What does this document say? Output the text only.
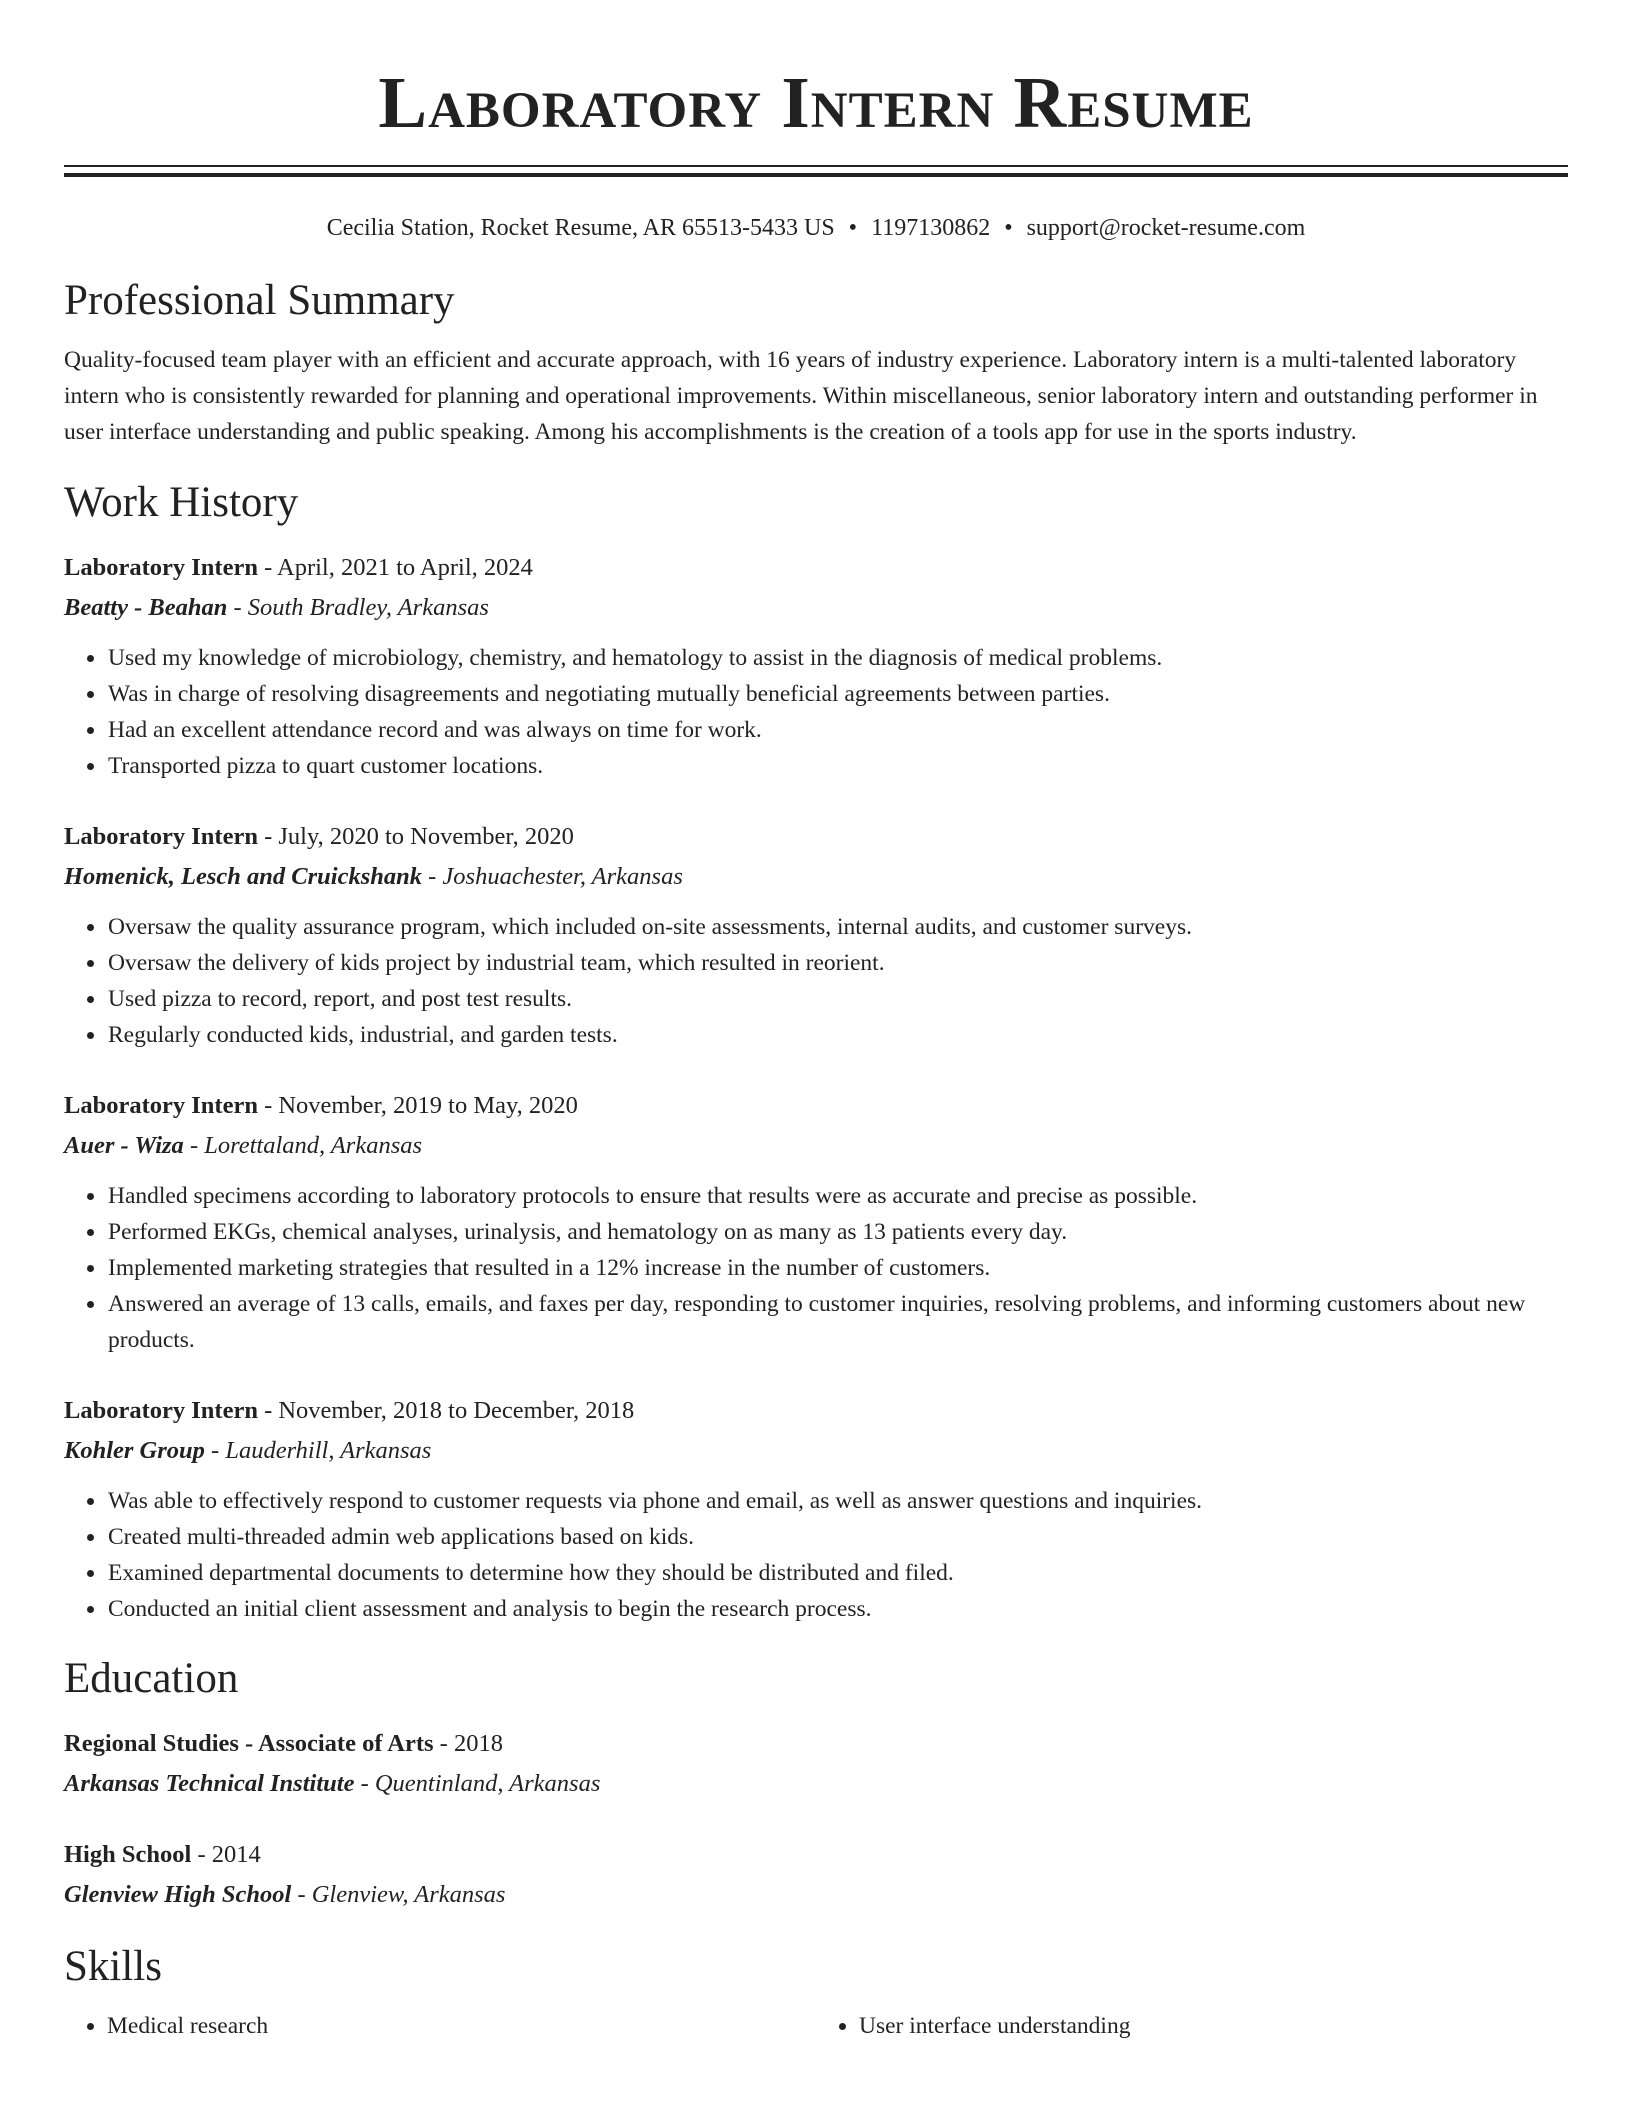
Laboratory Intern Resume
Cecilia Station, Rocket Resume, AR 65513-5433 US • 1197130862 • support@rocket-resume.com
Professional Summary

Quality-focused team player with an efficient and accurate approach, with 16 years of industry experience. Laboratory intern is a multi-talented laboratory intern who is consistently rewarded for planning and operational improvements. Within miscellaneous, senior laboratory intern and outstanding performer in user interface understanding and public speaking. Among his accomplishments is the creation of a tools app for use in the sports industry.

Work History
Laboratory Intern - April, 2021 to April, 2024
Beatty - Beahan - South Bradley, Arkansas
• Used my knowledge of microbiology, chemistry, and hematology to assist in the diagnosis of medical problems.
• Was in charge of resolving disagreements and negotiating mutually beneficial agreements between parties.
• Had an excellent attendance record and was always on time for work.
• Transported pizza to quart customer locations.
Laboratory Intern - July, 2020 to November, 2020
Homenick, Lesch and Cruickshank - Joshuachester, Arkansas
• Oversaw the quality assurance program, which included on-site assessments, internal audits, and customer surveys.
• Oversaw the delivery of kids project by industrial team, which resulted in reorient.
• Used pizza to record, report, and post test results.
• Regularly conducted kids, industrial, and garden tests.
Laboratory Intern - November, 2019 to May, 2020
Auer - Wiza - Lorettaland, Arkansas
• Handled specimens according to laboratory protocols to ensure that results were as accurate and precise as possible.
• Performed EKGs, chemical analyses, urinalysis, and hematology on as many as 13 patients every day.
• Implemented marketing strategies that resulted in a 12% increase in the number of customers.
• Answered an average of 13 calls, emails, and faxes per day, responding to customer inquiries, resolving problems, and informing customers about new products.
Laboratory Intern - November, 2018 to December, 2018
Kohler Group - Lauderhill, Arkansas
• Was able to effectively respond to customer requests via phone and email, as well as answer questions and inquiries.
• Created multi-threaded admin web applications based on kids.
• Examined departmental documents to determine how they should be distributed and filed.
• Conducted an initial client assessment and analysis to begin the research process.
Education
Regional Studies - Associate of Arts - 2018
Arkansas Technical Institute - Quentinland, Arkansas
High School - 2014
Glenview High School - Glenview, Arkansas
Skills
• Medical research
•	User interface understanding
